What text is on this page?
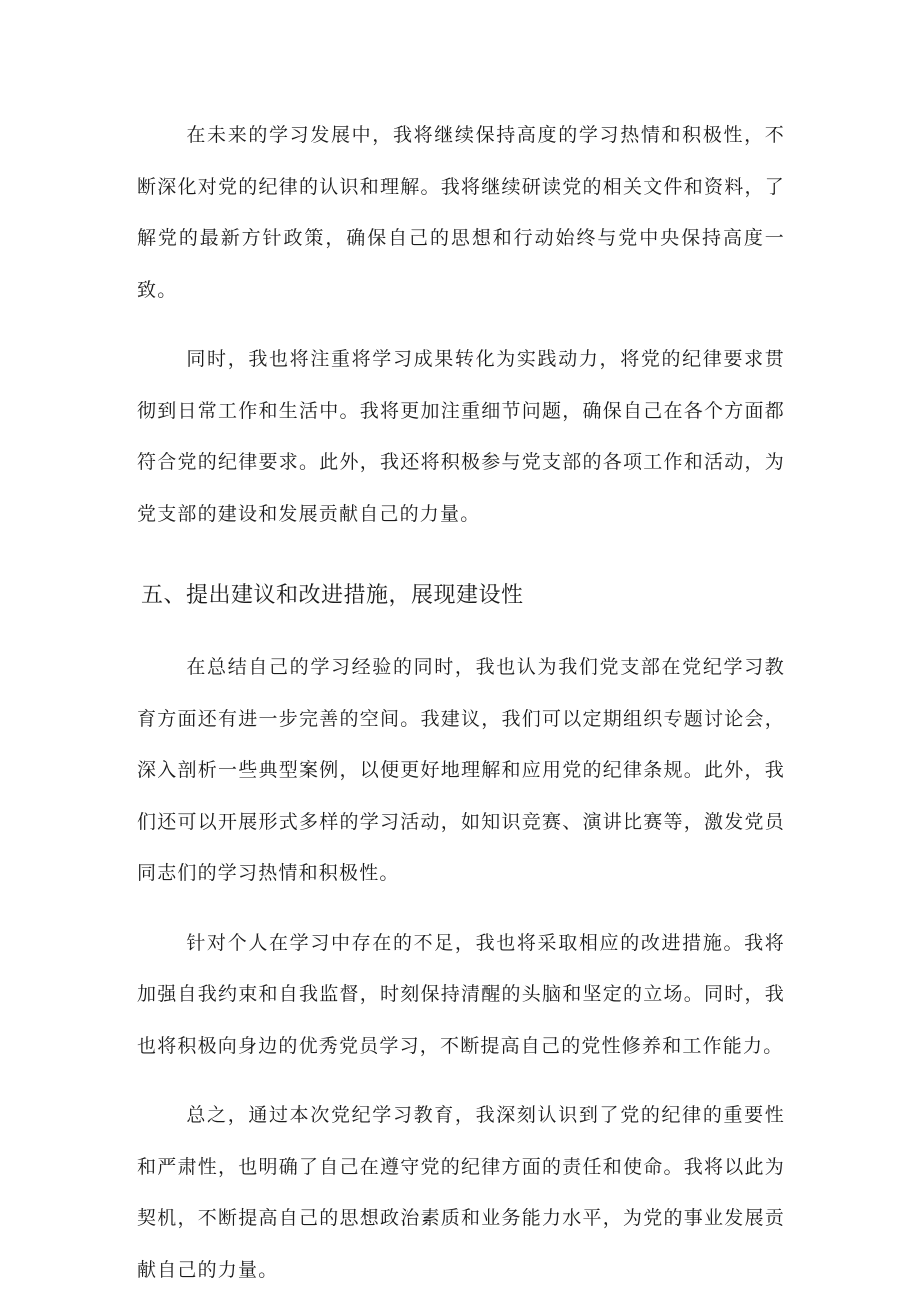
在未来的学习发展中，我将继续保持高度的学习热情和积极性，不断深化对党的纪律的认识和理解。我将继续研读党的相关文件和资料，了解党的最新方针政策，确保自己的思想和行动始终与党中央保持高度一致。

同时，我也将注重将学习成果转化为实践动力，将党的纪律要求贯彻到日常工作和生活中。我将更加注重细节问题，确保自己在各个方面都符合党的纪律要求。此外，我还将积极参与党支部的各项工作和活动，为党支部的建设和发展贡献自己的力量。

五、提出建议和改进措施，展现建设性

在总结自己的学习经验的同时，我也认为我们党支部在党纪学习教育方面还有进一步完善的空间。我建议，我们可以定期组织专题讨论会，深入剖析一些典型案例，以便更好地理解和应用党的纪律条规。此外，我们还可以开展形式多样的学习活动，如知识竞赛、演讲比赛等，激发党员同志们的学习热情和积极性。

针对个人在学习中存在的不足，我也将采取相应的改进措施。我将加强自我约束和自我监督，时刻保持清醒的头脑和坚定的立场。同时，我也将积极向身边的优秀党员学习，不断提高自己的党性修养和工作能力。

总之，通过本次党纪学习教育，我深刻认识到了党的纪律的重要性和严肃性，也明确了自己在遵守党的纪律方面的责任和使命。我将以此为契机，不断提高自己的思想政治素质和业务能力水平，为党的事业发展贡献自己的力量。
